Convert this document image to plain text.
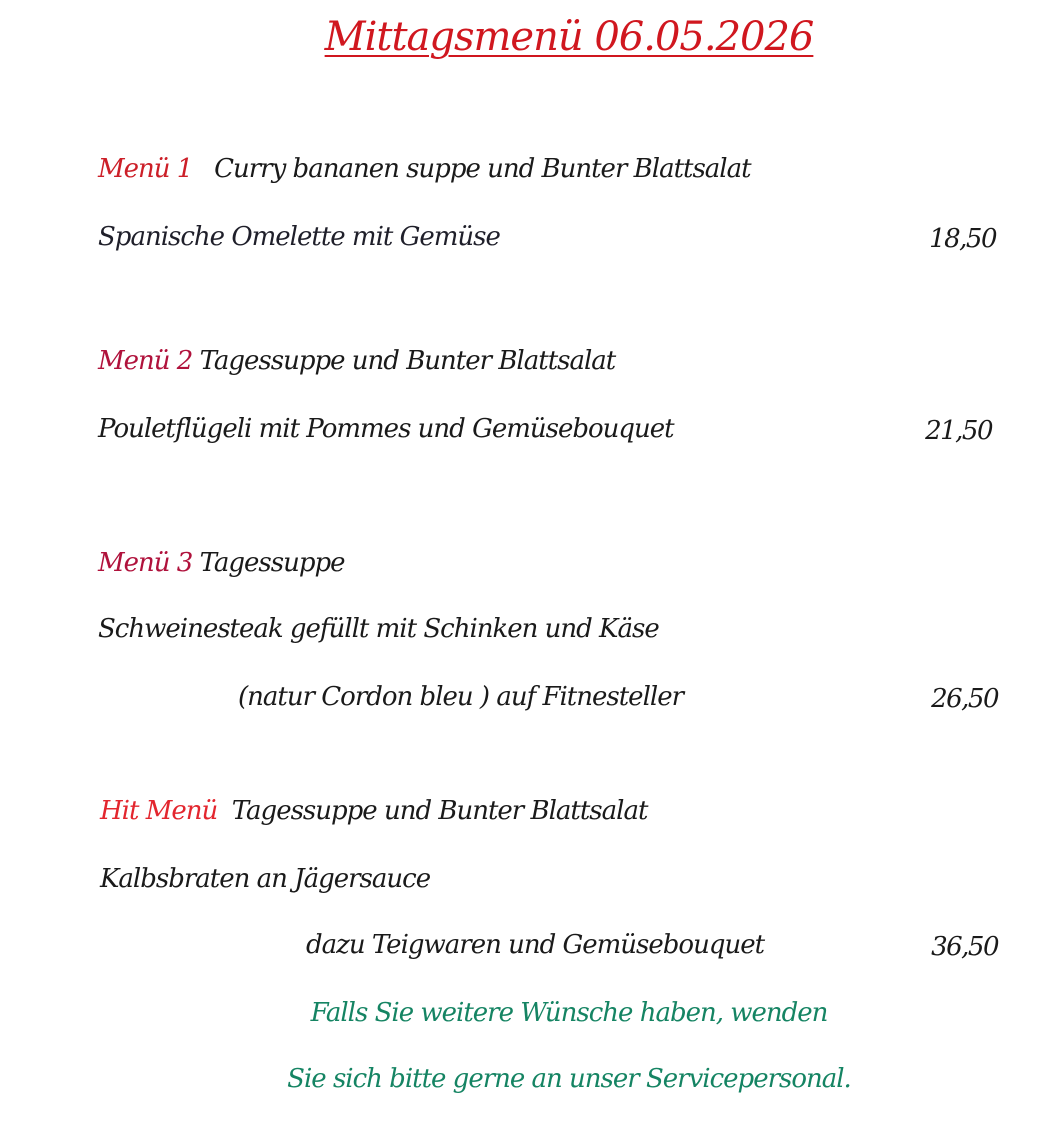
Mittagsmenü 06.05.2026
Menü 1 Curry bananen suppe und Bunter Blattsalat
Spanische Omelette mit Gemüse	18,50
Menü 2 Tagessuppe und Bunter Blattsalat
Pouletflügeli mit Pommes und Gemüsebouquet	21,50
Menü 3 Tagessuppe
Schweinesteak gefüllt mit Schinken und Käse
(natur Cordon bleu ) auf Fitnesteller	26,50
Hit Menü Tagessuppe und Bunter Blattsalat
Kalbsbraten an Jägersauce
dazu Teigwaren und Gemüsebouquet	36,50
Falls Sie weitere Wünsche haben, wenden
Sie sich bitte gerne an unser Servicepersonal.
